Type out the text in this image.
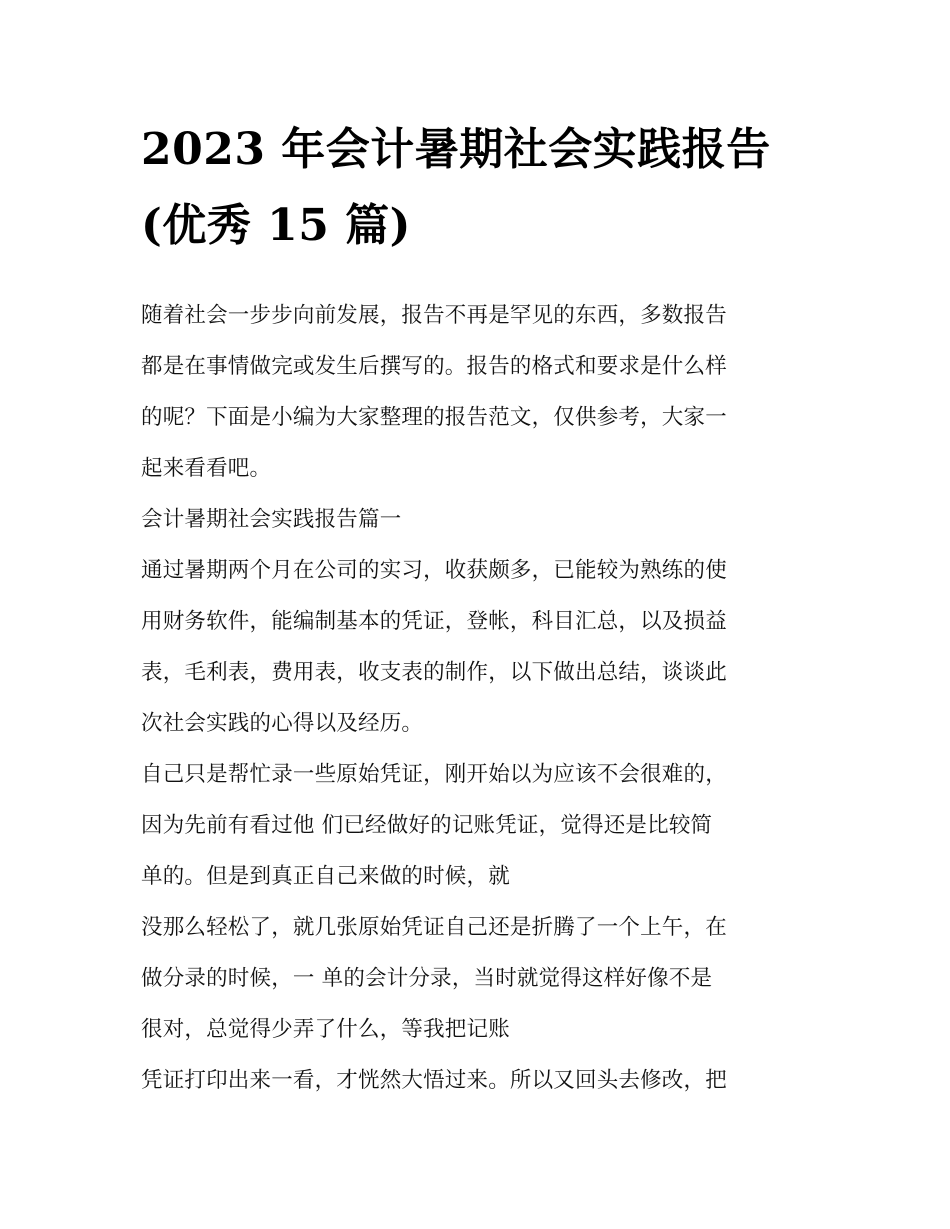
2023 年会计暑期社会实践报告
(优秀 15 篇)

随着社会一步步向前发展，报告不再是罕见的东西，多数报告
都是在事情做完或发生后撰写的。报告的格式和要求是什么样
的呢？下面是小编为大家整理的报告范文，仅供参考，大家一
起来看看吧。

会计暑期社会实践报告篇一

通过暑期两个月在公司的实习，收获颇多，已能较为熟练的使
用财务软件，能编制基本的凭证，登帐，科目汇总，以及损益
表，毛利表，费用表，收支表的制作，以下做出总结，谈谈此
次社会实践的心得以及经历。

自己只是帮忙录一些原始凭证，刚开始以为应该不会很难的，
因为先前有看过他 们已经做好的记账凭证，觉得还是比较简
单的。但是到真正自己来做的时候，就

没那么轻松了，就几张原始凭证自己还是折腾了一个上午，在
做分录的时候，一 单的会计分录，当时就觉得这样好像不是
很对，总觉得少弄了什么，等我把记账

凭证打印出来一看，才恍然大悟过来。所以又回头去修改，把
